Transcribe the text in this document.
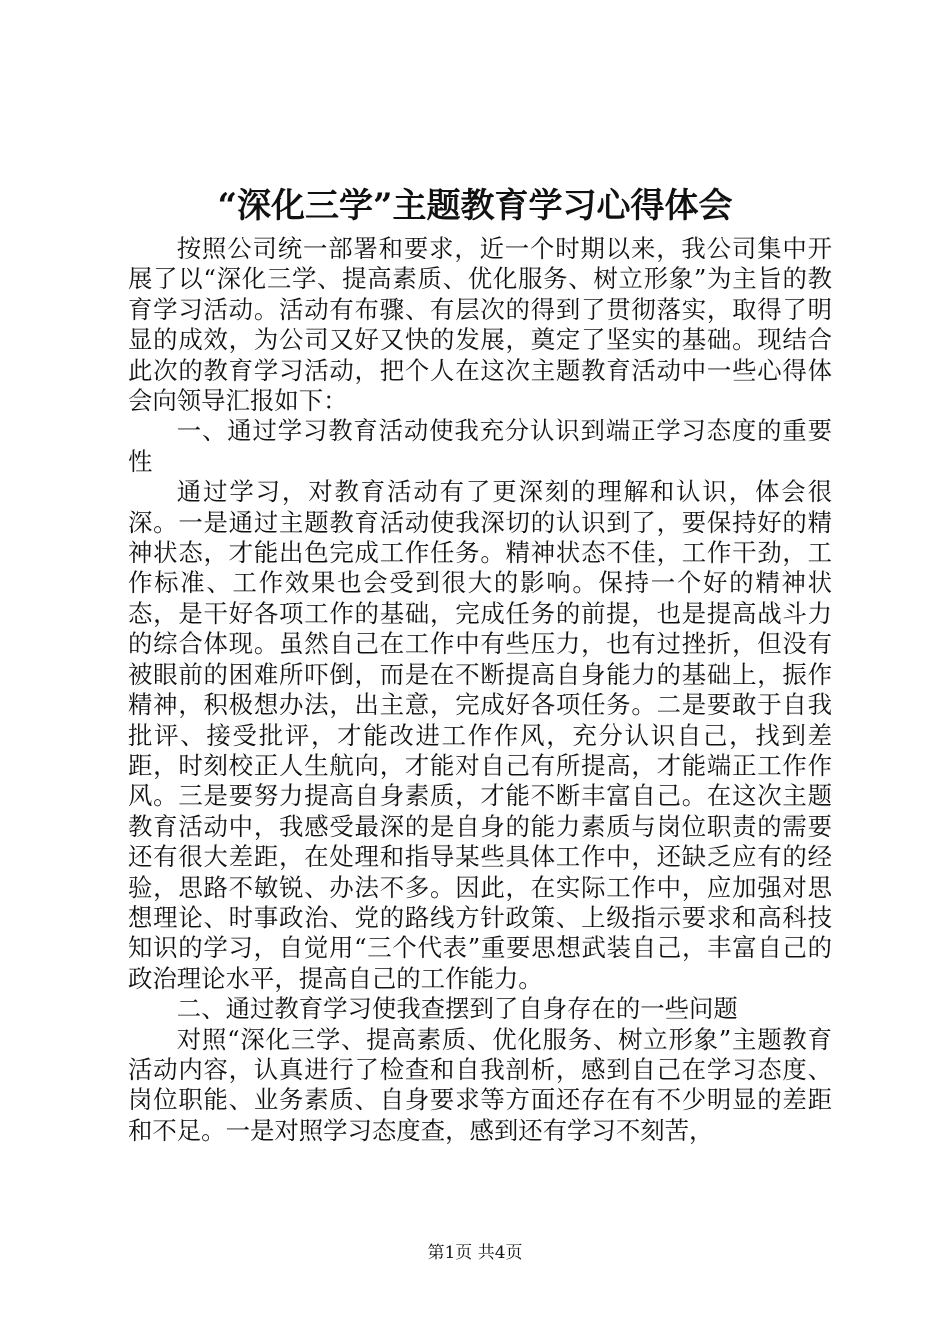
“深化三学”主题教育学习心得体会

按照公司统一部署和要求，近一个时期以来，我公司集中开展了以“深化三学、提高素质、优化服务、树立形象”为主旨的教育学习活动。活动有布骤、有层次的得到了贯彻落实，取得了明显的成效，为公司又好又快的发展，奠定了坚实的基础。现结合此次的教育学习活动，把个人在这次主题教育活动中一些心得体会向领导汇报如下：

一、通过学习教育活动使我充分认识到端正学习态度的重要性

通过学习，对教育活动有了更深刻的理解和认识，体会很深。一是通过主题教育活动使我深切的认识到了，要保持好的精神状态，才能出色完成工作任务。精神状态不佳，工作干劲，工作标准、工作效果也会受到很大的影响。保持一个好的精神状态，是干好各项工作的基础，完成任务的前提，也是提高战斗力的综合体现。虽然自己在工作中有些压力，也有过挫折，但没有被眼前的困难所吓倒，而是在不断提高自身能力的基础上，振作精神，积极想办法，出主意，完成好各项任务。二是要敢于自我批评、接受批评，才能改进工作作风，充分认识自己，找到差距，时刻校正人生航向，才能对自己有所提高，才能端正工作作风。三是要努力提高自身素质，才能不断丰富自己。在这次主题教育活动中，我感受最深的是自身的能力素质与岗位职责的需要还有很大差距，在处理和指导某些具体工作中，还缺乏应有的经验，思路不敏锐、办法不多。因此，在实际工作中，应加强对思想理论、时事政治、党的路线方针政策、上级指示要求和高科技知识的学习，自觉用“三个代表”重要思想武装自己，丰富自己的政治理论水平，提高自己的工作能力。

二、通过教育学习使我查摆到了自身存在的一些问题

对照“深化三学、提高素质、优化服务、树立形象”主题教育活动内容，认真进行了检查和自我剖析，感到自己在学习态度、岗位职能、业务素质、自身要求等方面还存在有不少明显的差距和不足。一是对照学习态度查，感到还有学习不刻苦，

第1页 共4页
